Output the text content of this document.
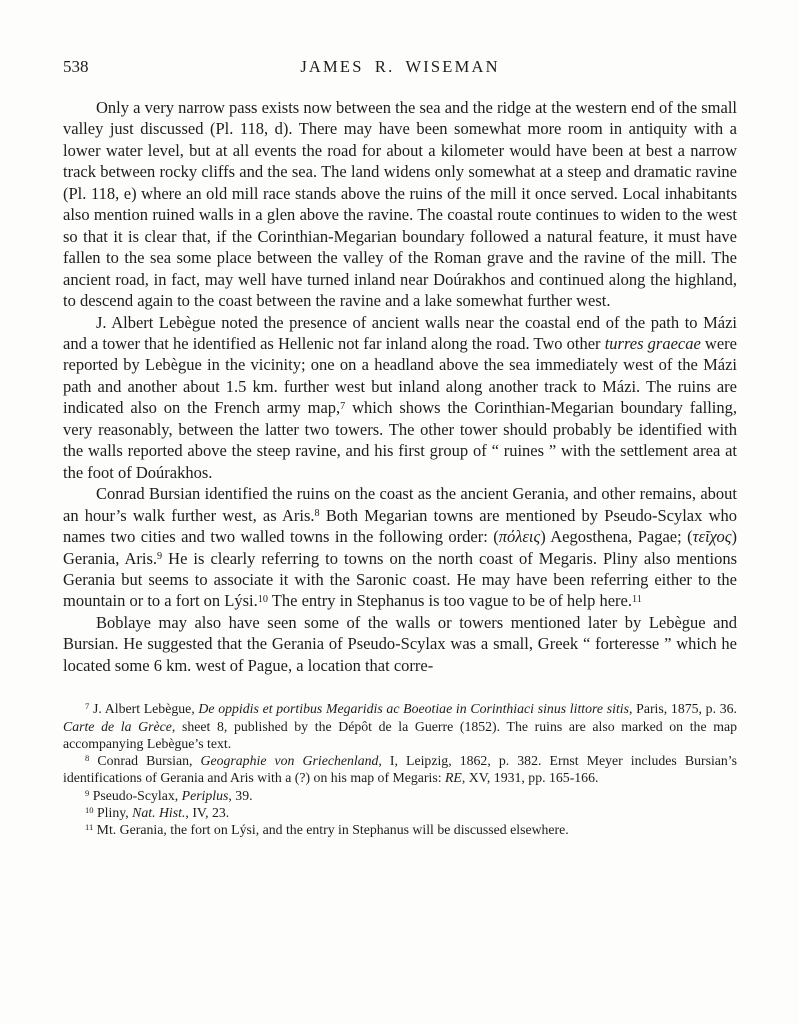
538	JAMES R. WISEMAN

Only a very narrow pass exists now between the sea and the ridge at the western end of the small valley just discussed (Pl. 118, d). There may have been somewhat more room in antiquity with a lower water level, but at all events the road for about a kilometer would have been at best a narrow track between rocky cliffs and the sea. The land widens only somewhat at a steep and dramatic ravine (Pl. 118, e) where an old mill race stands above the ruins of the mill it once served. Local inhabitants also mention ruined walls in a glen above the ravine. The coastal route continues to widen to the west so that it is clear that, if the Corinthian-Megarian boundary followed a natural feature, it must have fallen to the sea some place between the valley of the Roman grave and the ravine of the mill. The ancient road, in fact, may well have turned inland near Doúrakhos and continued along the highland, to descend again to the coast between the ravine and a lake somewhat further west.

J. Albert Lebègue noted the presence of ancient walls near the coastal end of the path to Mázi and a tower that he identified as Hellenic not far inland along the road. Two other turres graecae were reported by Lebègue in the vicinity; one on a headland above the sea immediately west of the Mázi path and another about 1.5 km. further west but inland along another track to Mázi. The ruins are indicated also on the French army map,$^7$ which shows the Corinthian-Megarian boundary falling, very reasonably, between the latter two towers. The other tower should probably be identified with the walls reported above the steep ravine, and his first group of “ ruines ” with the settlement area at the foot of Doúrakhos.

Conrad Bursian identified the ruins on the coast as the ancient Gerania, and other remains, about an hour’s walk further west, as Aris.$^8$ Both Megarian towns are mentioned by Pseudo-Scylax who names two cities and two walled towns in the following order: (πόλεις) Aegosthena, Pagae; (τεῖχος) Gerania, Aris.$^9$ He is clearly referring to towns on the north coast of Megaris. Pliny also mentions Gerania but seems to associate it with the Saronic coast. He may have been referring either to the mountain or to a fort on Lýsi.$^{10}$ The entry in Stephanus is too vague to be of help here.$^{11}$

Boblaye may also have seen some of the walls or towers mentioned later by Lebègue and Bursian. He suggested that the Gerania of Pseudo-Scylax was a small, Greek “ forteresse ” which he located some 6 km. west of Pague, a location that corre-

$^7$ J. Albert Lebègue, De oppidis et portibus Megaridis ac Boeotiae in Corinthiaci sinus littore sitis, Paris, 1875, p. 36. Carte de la Grèce, sheet 8, published by the Dépôt de la Guerre (1852). The ruins are also marked on the map accompanying Lebègue’s text.

$^8$ Conrad Bursian, Geographie von Griechenland, I, Leipzig, 1862, p. 382. Ernst Meyer includes Bursian’s identifications of Gerania and Aris with a (?) on his map of Megaris: RE, XV, 1931, pp. 165-166.

$^9$ Pseudo-Scylax, Periplus, 39.

$^{10}$ Pliny, Nat. Hist., IV, 23.

$^{11}$ Mt. Gerania, the fort on Lýsi, and the entry in Stephanus will be discussed elsewhere.
